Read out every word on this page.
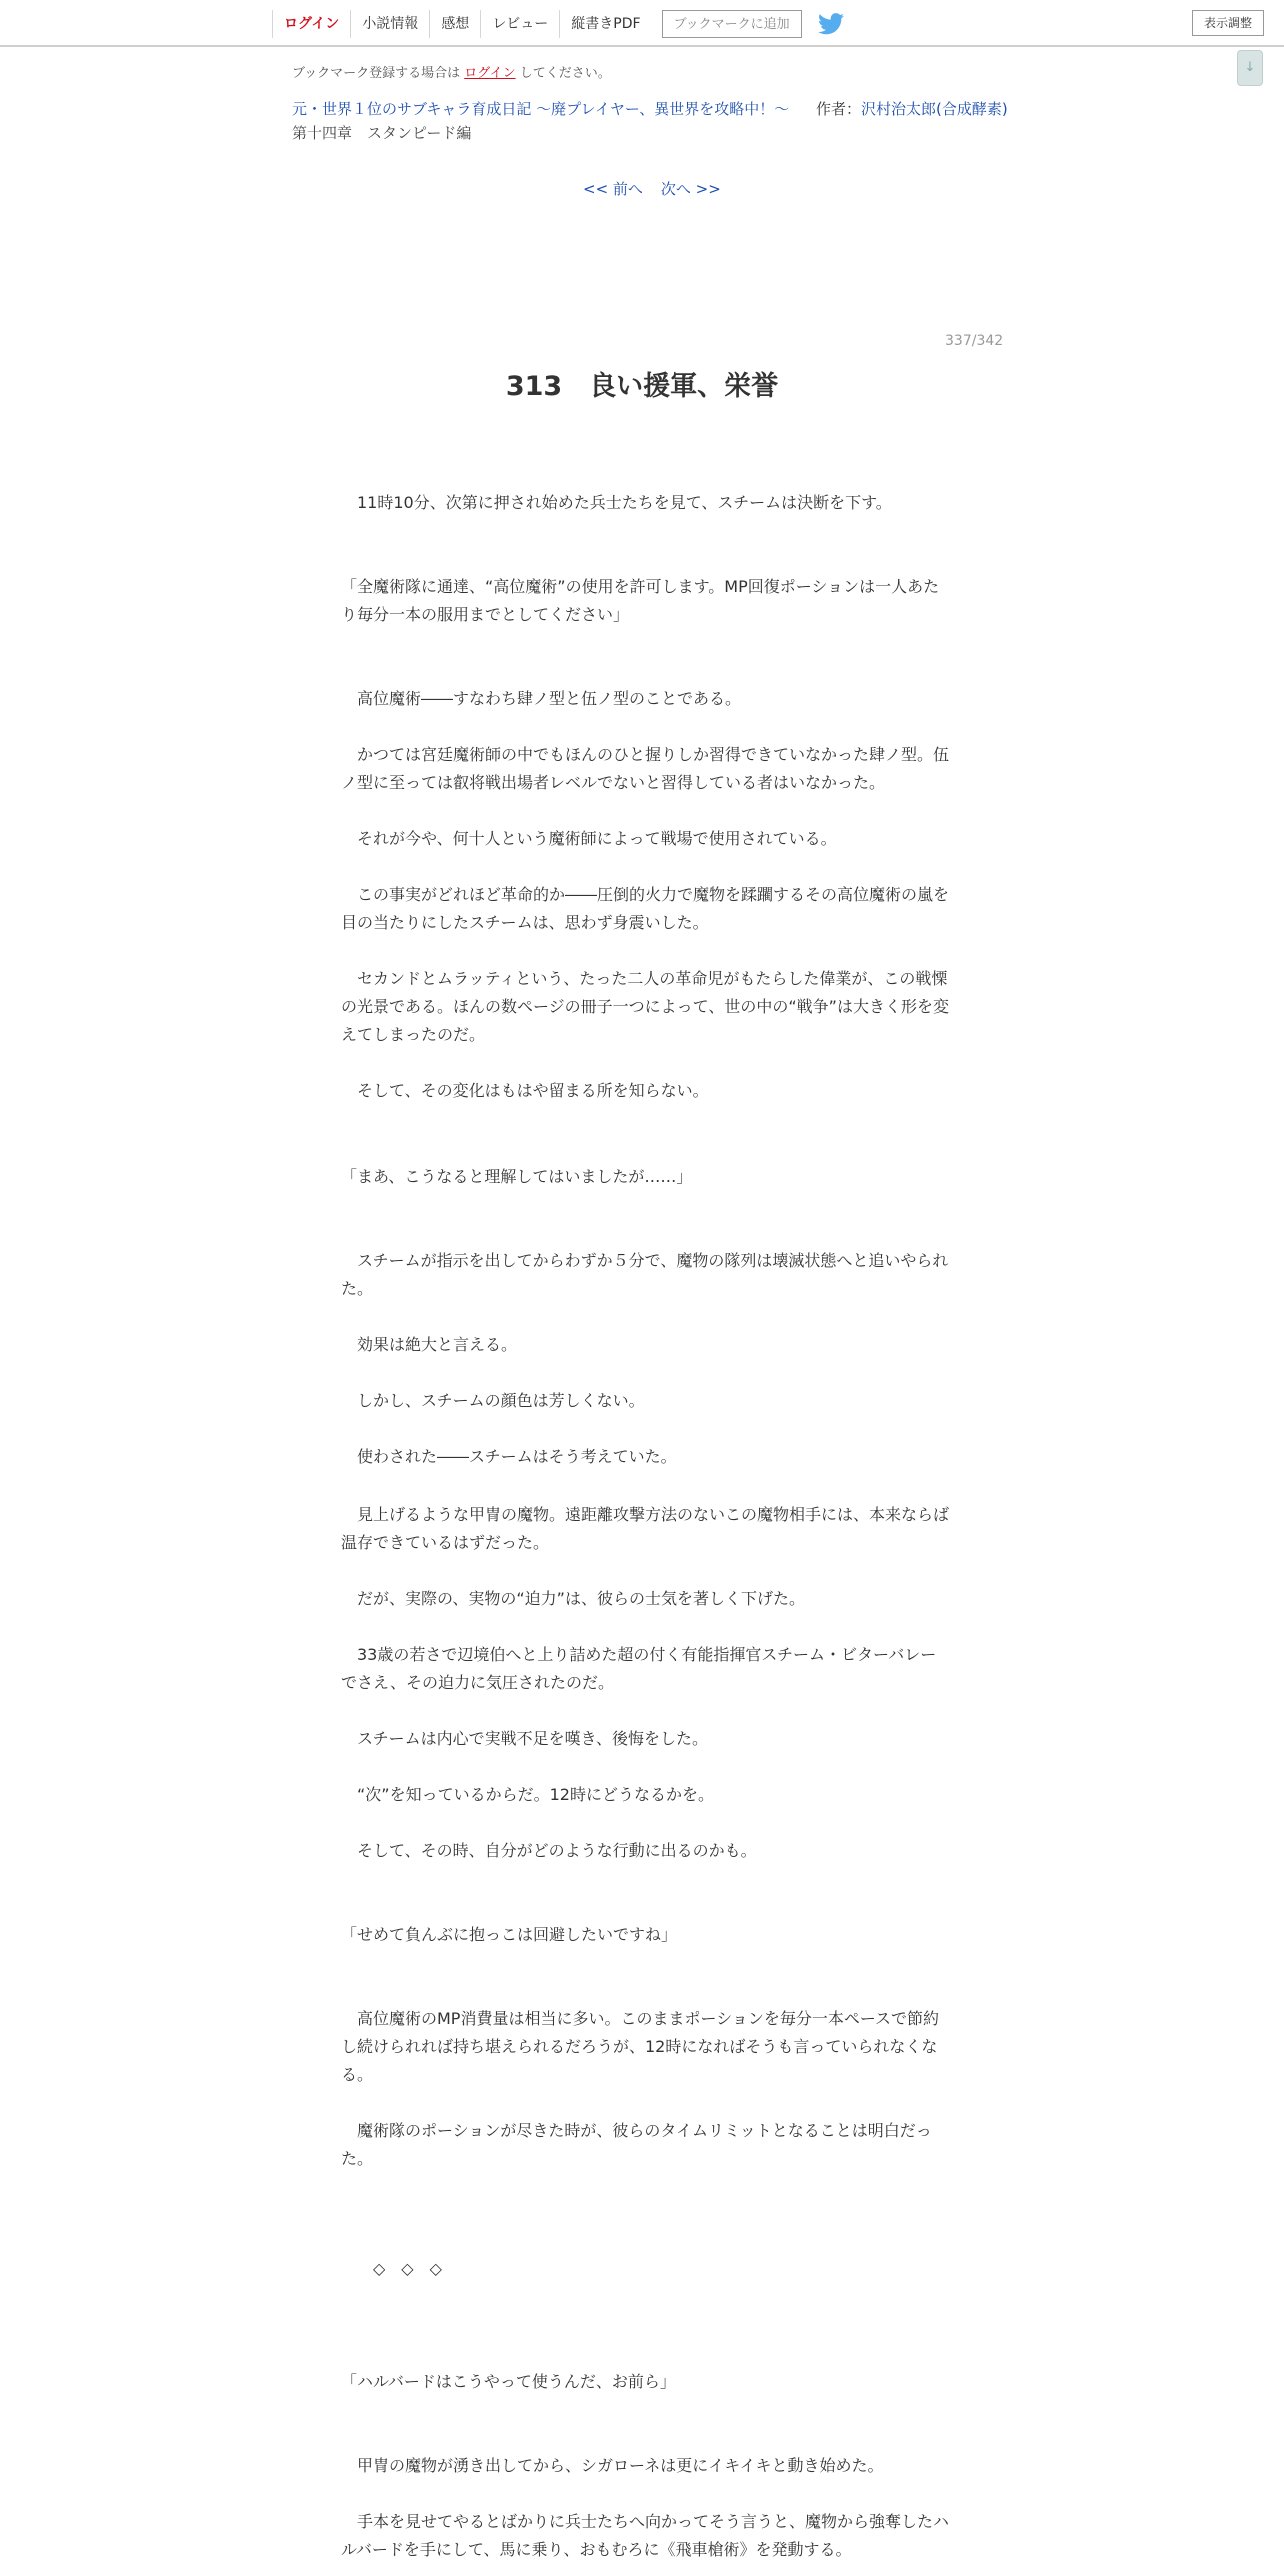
ログイン	小説情報	感想	レビュー	縦書きPDF	ブックマークに追加	表示調整
↓
ブックマーク登録する場合は ログイン してください。
元・世界１位のサブキャラ育成日記 ～廃プレイヤー、異世界を攻略中！～ 作者：沢村治太郎(合成酵素)
第十四章　スタンピード編
<< 前へ 次へ >>
337/342
313　良い援軍、栄誉

　11時10分、次第に押され始めた兵士たちを見て、スチームは決断を下す。

「全魔術隊に通達、“高位魔術”の使用を許可します。MP回復ポーションは一人あたり毎分一本の服用までとしてください」

　高位魔術――すなわち肆ノ型と伍ノ型のことである。

　かつては宮廷魔術師の中でもほんのひと握りしか習得できていなかった肆ノ型。伍ノ型に至っては叡将戦出場者レベルでないと習得している者はいなかった。

　それが今や、何十人という魔術師によって戦場で使用されている。

　この事実がどれほど革命的か――圧倒的火力で魔物を蹂躙するその高位魔術の嵐を目の当たりにしたスチームは、思わず身震いした。

　セカンドとムラッティという、たった二人の革命児がもたらした偉業が、この戦慄の光景である。ほんの数ページの冊子一つによって、世の中の“戦争”は大きく形を変えてしまったのだ。

　そして、その変化はもはや留まる所を知らない。

「まあ、こうなると理解してはいましたが……」

　スチームが指示を出してからわずか５分で、魔物の隊列は壊滅状態へと追いやられた。

　効果は絶大と言える。

　しかし、スチームの顔色は芳しくない。

　使わされた――スチームはそう考えていた。

　見上げるような甲冑の魔物。遠距離攻撃方法のないこの魔物相手には、本来ならば温存できているはずだった。

　だが、実際の、実物の“迫力”は、彼らの士気を著しく下げた。

　33歳の若さで辺境伯へと上り詰めた超の付く有能指揮官スチーム・ビターバレーでさえ、その迫力に気圧されたのだ。

　スチームは内心で実戦不足を嘆き、後悔をした。

　“次”を知っているからだ。12時にどうなるかを。

　そして、その時、自分がどのような行動に出るのかも。

「せめて負んぶに抱っこは回避したいですね」

　高位魔術のMP消費量は相当に多い。このままポーションを毎分一本ペースで節約し続けられれば持ち堪えられるだろうが、12時になればそうも言っていられなくなる。

　魔術隊のポーションが尽きた時が、彼らのタイムリミットとなることは明白だった。

　　◇　◇　◇

「ハルバードはこうやって使うんだ、お前ら」

　甲冑の魔物が湧き出してから、シガローネは更にイキイキと動き始めた。

　手本を見せてやるとばかりに兵士たちへ向かってそう言うと、魔物から強奪したハルバードを手にして、馬に乗り、おもむろに《飛車槍術》を発動する。
